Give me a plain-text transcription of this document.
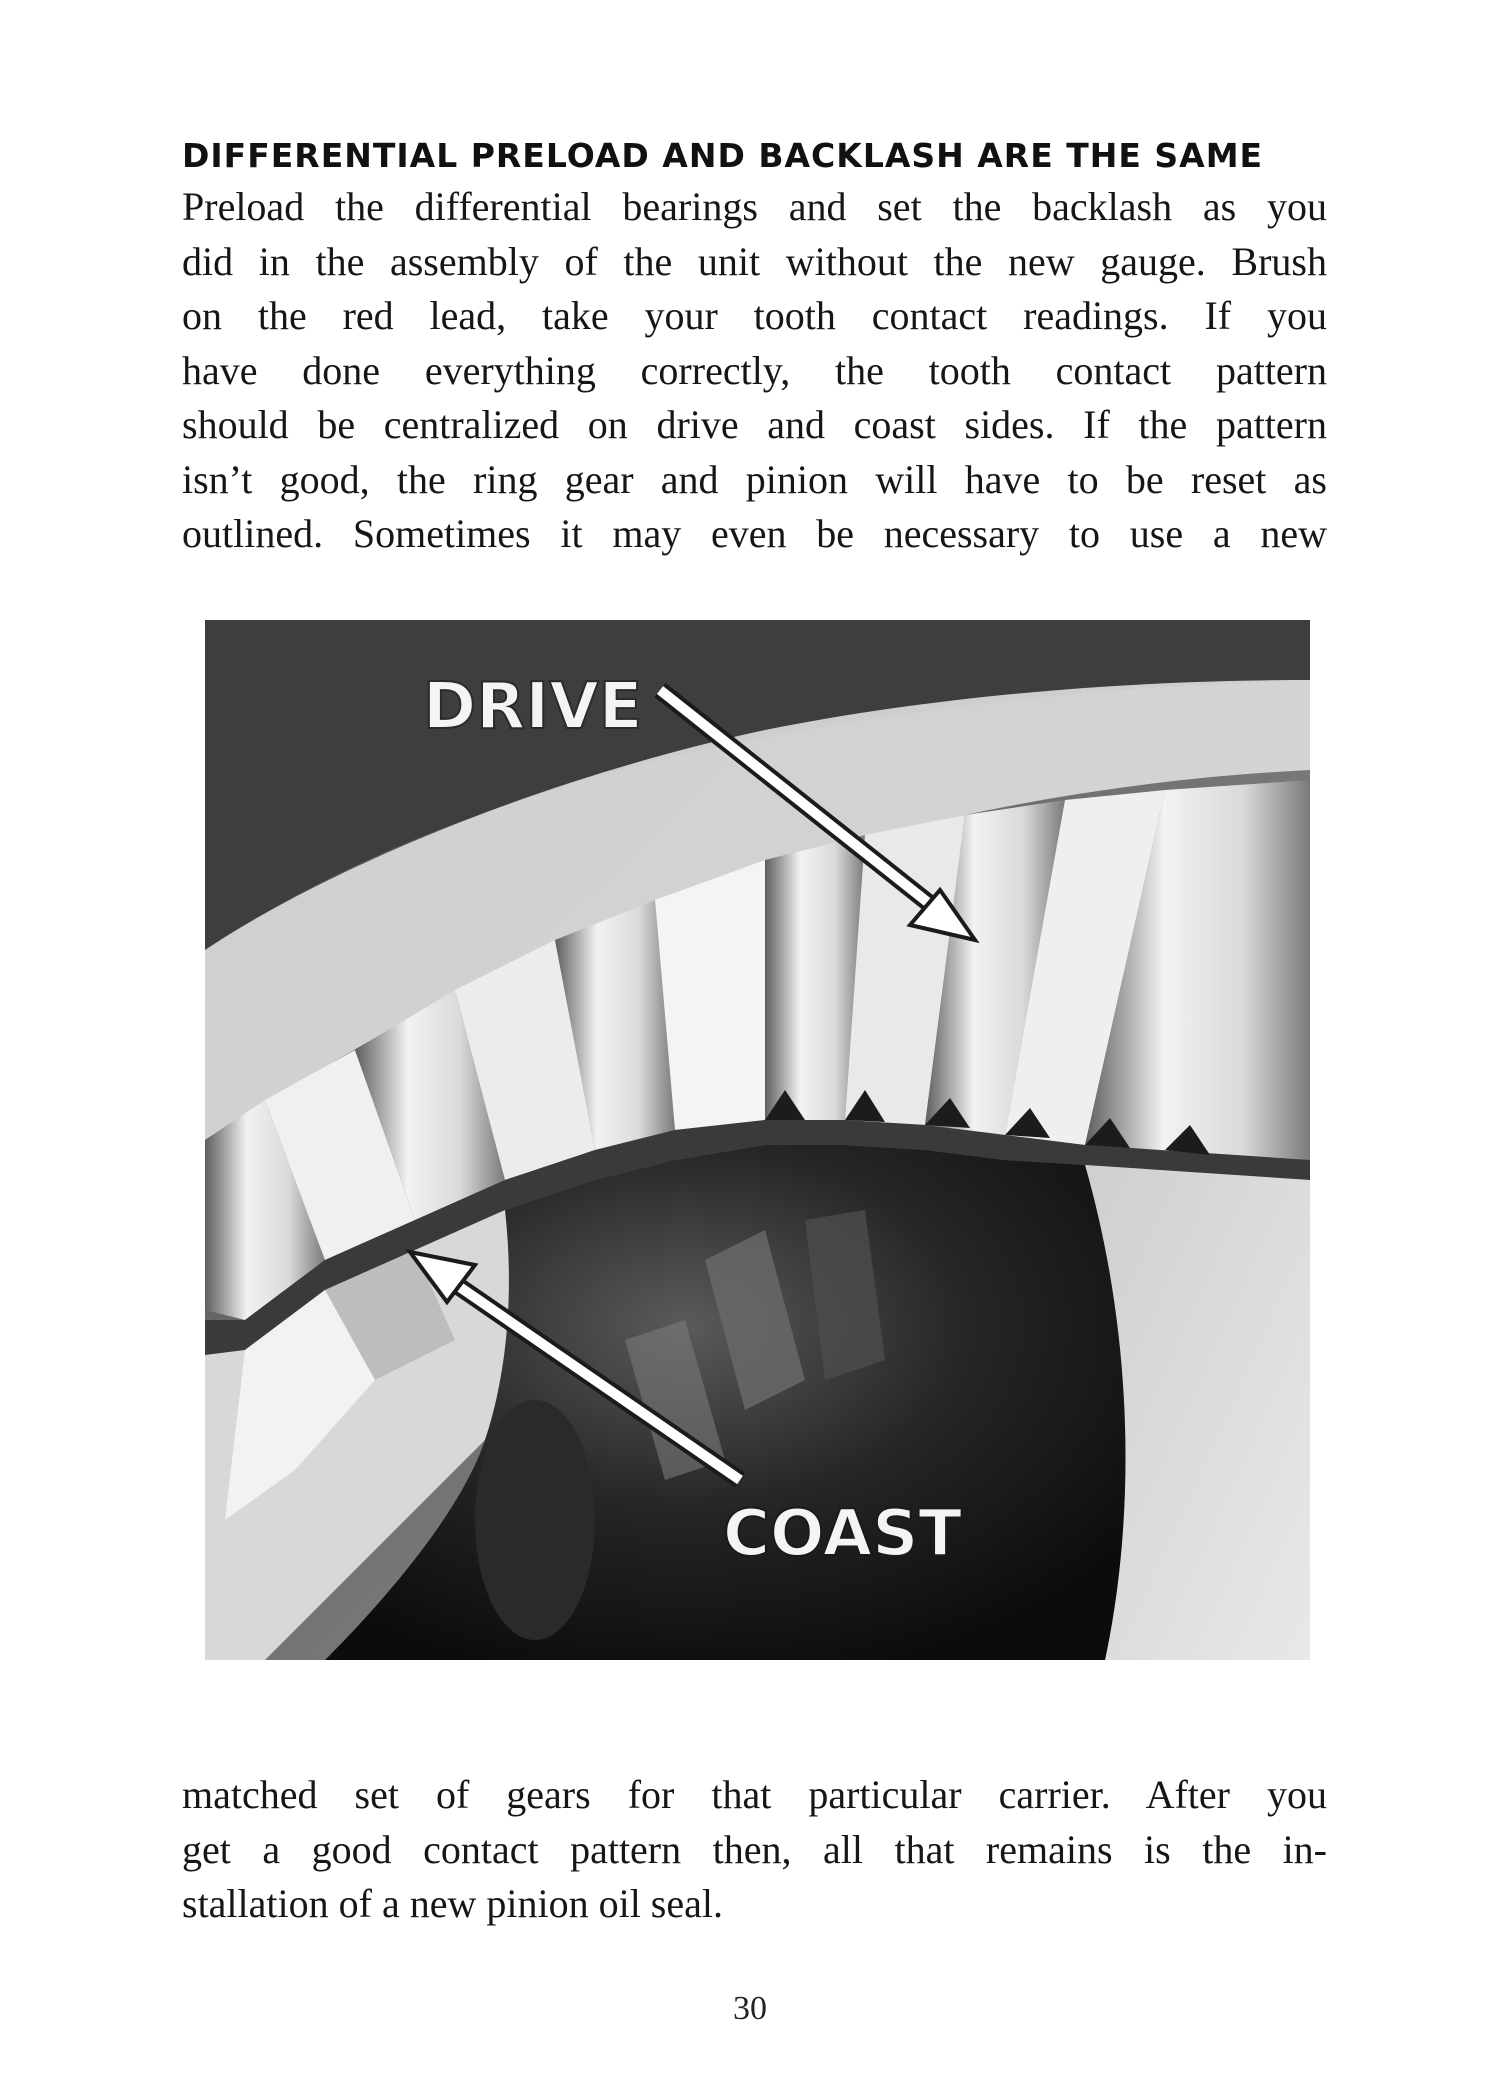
DIFFERENTIAL PRELOAD AND BACKLASH ARE THE SAME
Preload the differential bearings and set the backlash as you
did in the assembly of the unit without the new gauge. Brush
on the red lead, take your tooth contact readings. If you
have done everything correctly, the tooth contact pattern
should be centralized on drive and coast sides. If the pattern
isn’t good, the ring gear and pinion will have to be reset as
outlined. Sometimes it may even be necessary to use a new
DRIVE
COAST
matched set of gears for that particular carrier. After you
get a good contact pattern then, all that remains is the in-
stallation of a new pinion oil seal.
30
